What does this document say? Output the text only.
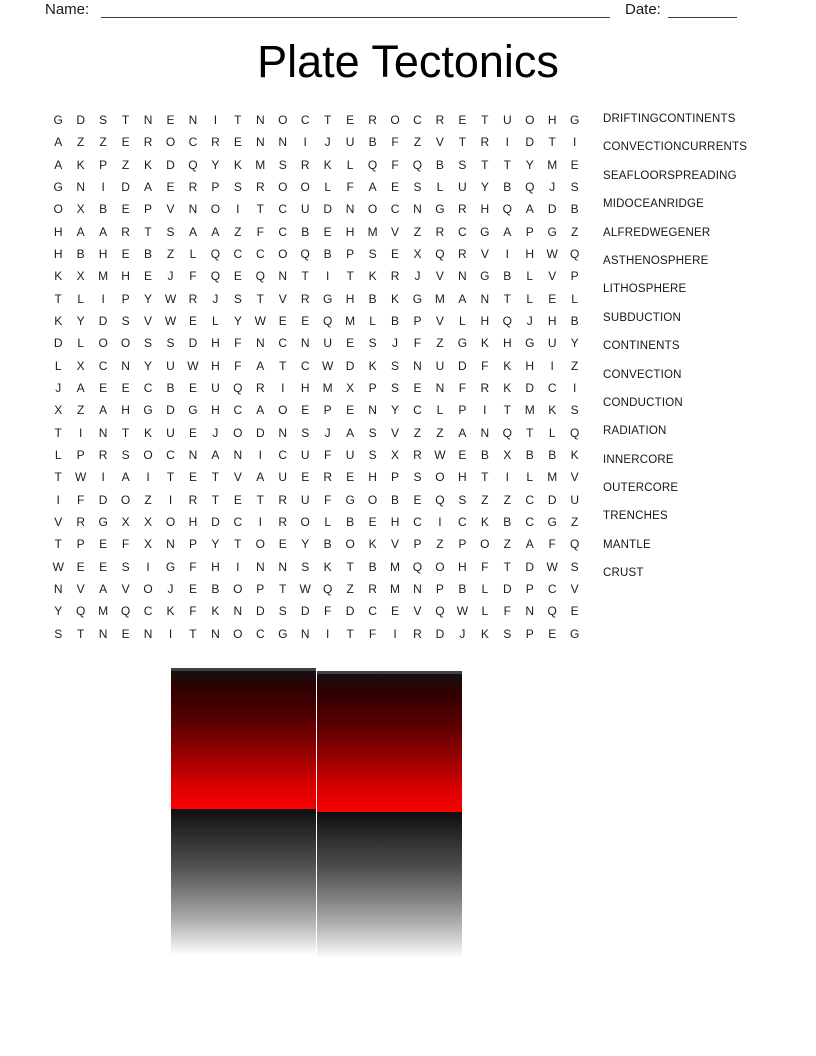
Name:	Date:
Plate Tectonics
G	D	S	T	N	E	N	I	T	N	O	C	T	E	R	O	C	R	E	T	U	O	H	G
A	Z	Z	E	R	O	C	R	E	N	N	I	J	U	B	F	Z	V	T	R	I	D	T	I
A	K	P	Z	K	D	Q	Y	K	M	S	R	K	L	Q	F	Q	B	S	T	T	Y	M	E
G	N	I	D	A	E	R	P	S	R	O	O	L	F	A	E	S	L	U	Y	B	Q	J	S
O	X	B	E	P	V	N	O	I	T	C	U	D	N	O	C	N	G	R	H	Q	A	D	B
H	A	A	R	T	S	A	A	Z	F	C	B	E	H	M	V	Z	R	C	G	A	P	G	Z
H	B	H	E	B	Z	L	Q	C	C	O	Q	B	P	S	E	X	Q	R	V	I	H	W	Q
K	X	M	H	E	J	F	Q	E	Q	N	T	I	T	K	R	J	V	N	G	B	L	V	P
T	L	I	P	Y	W	R	J	S	T	V	R	G	H	B	K	G	M	A	N	T	L	E	L
K	Y	D	S	V	W	E	L	Y	W	E	E	Q	M	L	B	P	V	L	H	Q	J	H	B
D	L	O	O	S	S	D	H	F	N	C	N	U	E	S	J	F	Z	G	K	H	G	U	Y
L	X	C	N	Y	U	W	H	F	A	T	C	W	D	K	S	N	U	D	F	K	H	I	Z
J	A	E	E	C	B	E	U	Q	R	I	H	M	X	P	S	E	N	F	R	K	D	C	I
X	Z	A	H	G	D	G	H	C	A	O	E	P	E	N	Y	C	L	P	I	T	M	K	S
T	I	N	T	K	U	E	J	O	D	N	S	J	A	S	V	Z	Z	A	N	Q	T	L	Q
L	P	R	S	O	C	N	A	N	I	C	U	F	U	S	X	R	W	E	B	X	B	B	K
T	W	I	A	I	T	E	T	V	A	U	E	R	E	H	P	S	O	H	T	I	L	M	V
I	F	D	O	Z	I	R	T	E	T	R	U	F	G	O	B	E	Q	S	Z	Z	C	D	U
V	R	G	X	X	O	H	D	C	I	R	O	L	B	E	H	C	I	C	K	B	C	G	Z
T	P	E	F	X	N	P	Y	T	O	E	Y	B	O	K	V	P	Z	P	O	Z	A	F	Q
W	E	E	S	I	G	F	H	I	N	N	S	K	T	B	M	Q	O	H	F	T	D	W	S
N	V	A	V	O	J	E	B	O	P	T	W	Q	Z	R	M	N	P	B	L	D	P	C	V
Y	Q	M	Q	C	K	F	K	N	D	S	D	F	D	C	E	V	Q	W	L	F	N	Q	E
S	T	N	E	N	I	T	N	O	C	G	N	I	T	F	I	R	D	J	K	S	P	E	G
DRIFTINGCONTINENTS
CONVECTIONCURRENTS
SEAFLOORSPREADING
MIDOCEANRIDGE
ALFREDWEGENER
ASTHENOSPHERE
LITHOSPHERE
SUBDUCTION
CONTINENTS
CONVECTION
CONDUCTION
RADIATION
INNERCORE
OUTERCORE
TRENCHES
MANTLE
CRUST
